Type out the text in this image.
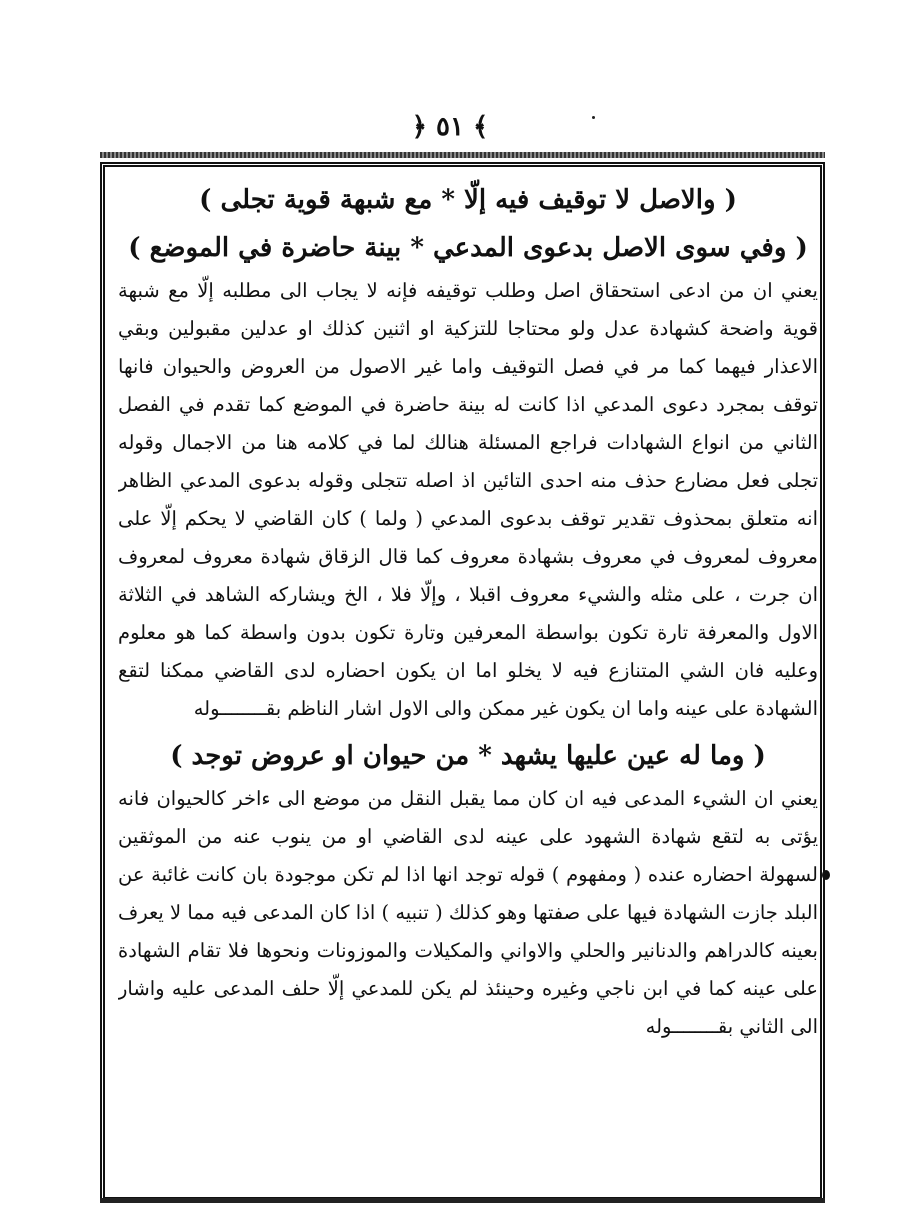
﴿ ٥١ ﴾
( والاصل لا توقيف فيه إلّا * مع شبهة قوية تجلى )
( وفي سوى الاصل بدعوى المدعي * بينة حاضرة في الموضع )

يعني ان من ادعى استحقاق اصل وطلب توقيفه فإنه لا يجاب الى مطلبه إلّا مع شبهة قوية واضحة كشهادة عدل ولو محتاجا للتزكية او اثنين كذلك او عدلين مقبولين وبقي الاعذار فيهما كما مر في فصل التوقيف واما غير الاصول من العروض والحيوان فانها توقف بمجرد دعوى المدعي اذا كانت له بينة حاضرة في الموضع كما تقدم في الفصل الثاني من انواع الشهادات فراجع المسئلة هنالك لما في كلامه هنا من الاجمال وقوله تجلى فعل مضارع حذف منه احدى التائين اذ اصله تتجلى وقوله بدعوى المدعي الظاهر انه متعلق بمحذوف تقدير توقف بدعوى المدعي ( ولما ) كان القاضي لا يحكم إلّا على معروف لمعروف في معروف بشهادة معروف كما قال الزقاق شهادة معروف لمعروف ان جرت ، على مثله والشيء معروف اقبلا ، وإلّا فلا ، الخ ويشاركه الشاهد في الثلاثة الاول والمعرفة تارة تكون بواسطة المعرفين وتارة تكون بدون واسطة كما هو معلوم وعليه فان الشي المتنازع فيه لا يخلو اما ان يكون احضاره لدى القاضي ممكنا لتقع الشهادة على عينه واما ان يكون غير ممكن والى الاول اشار الناظم بقــــــــوله

( وما له عين عليها يشهد * من حيوان او عروض توجد )

يعني ان الشيء المدعى فيه ان كان مما يقبل النقل من موضع الى ءاخر كالحيوان فانه يؤتى به لتقع شهادة الشهود على عينه لدى القاضي او من ينوب عنه من الموثقين لسهولة احضاره عنده ( ومفهوم ) قوله توجد انها اذا لم تكن موجودة بان كانت غائبة عن البلد جازت الشهادة فيها على صفتها وهو كذلك ( تنبيه ) اذا كان المدعى فيه مما لا يعرف بعينه كالدراهم والدنانير والحلي والاواني والمكيلات والموزونات ونحوها فلا تقام الشهادة على عينه كما في ابن ناجي وغيره وحينئذ لم يكن للمدعي إلّا حلف المدعى عليه واشار الى الثاني بقــــــــوله
